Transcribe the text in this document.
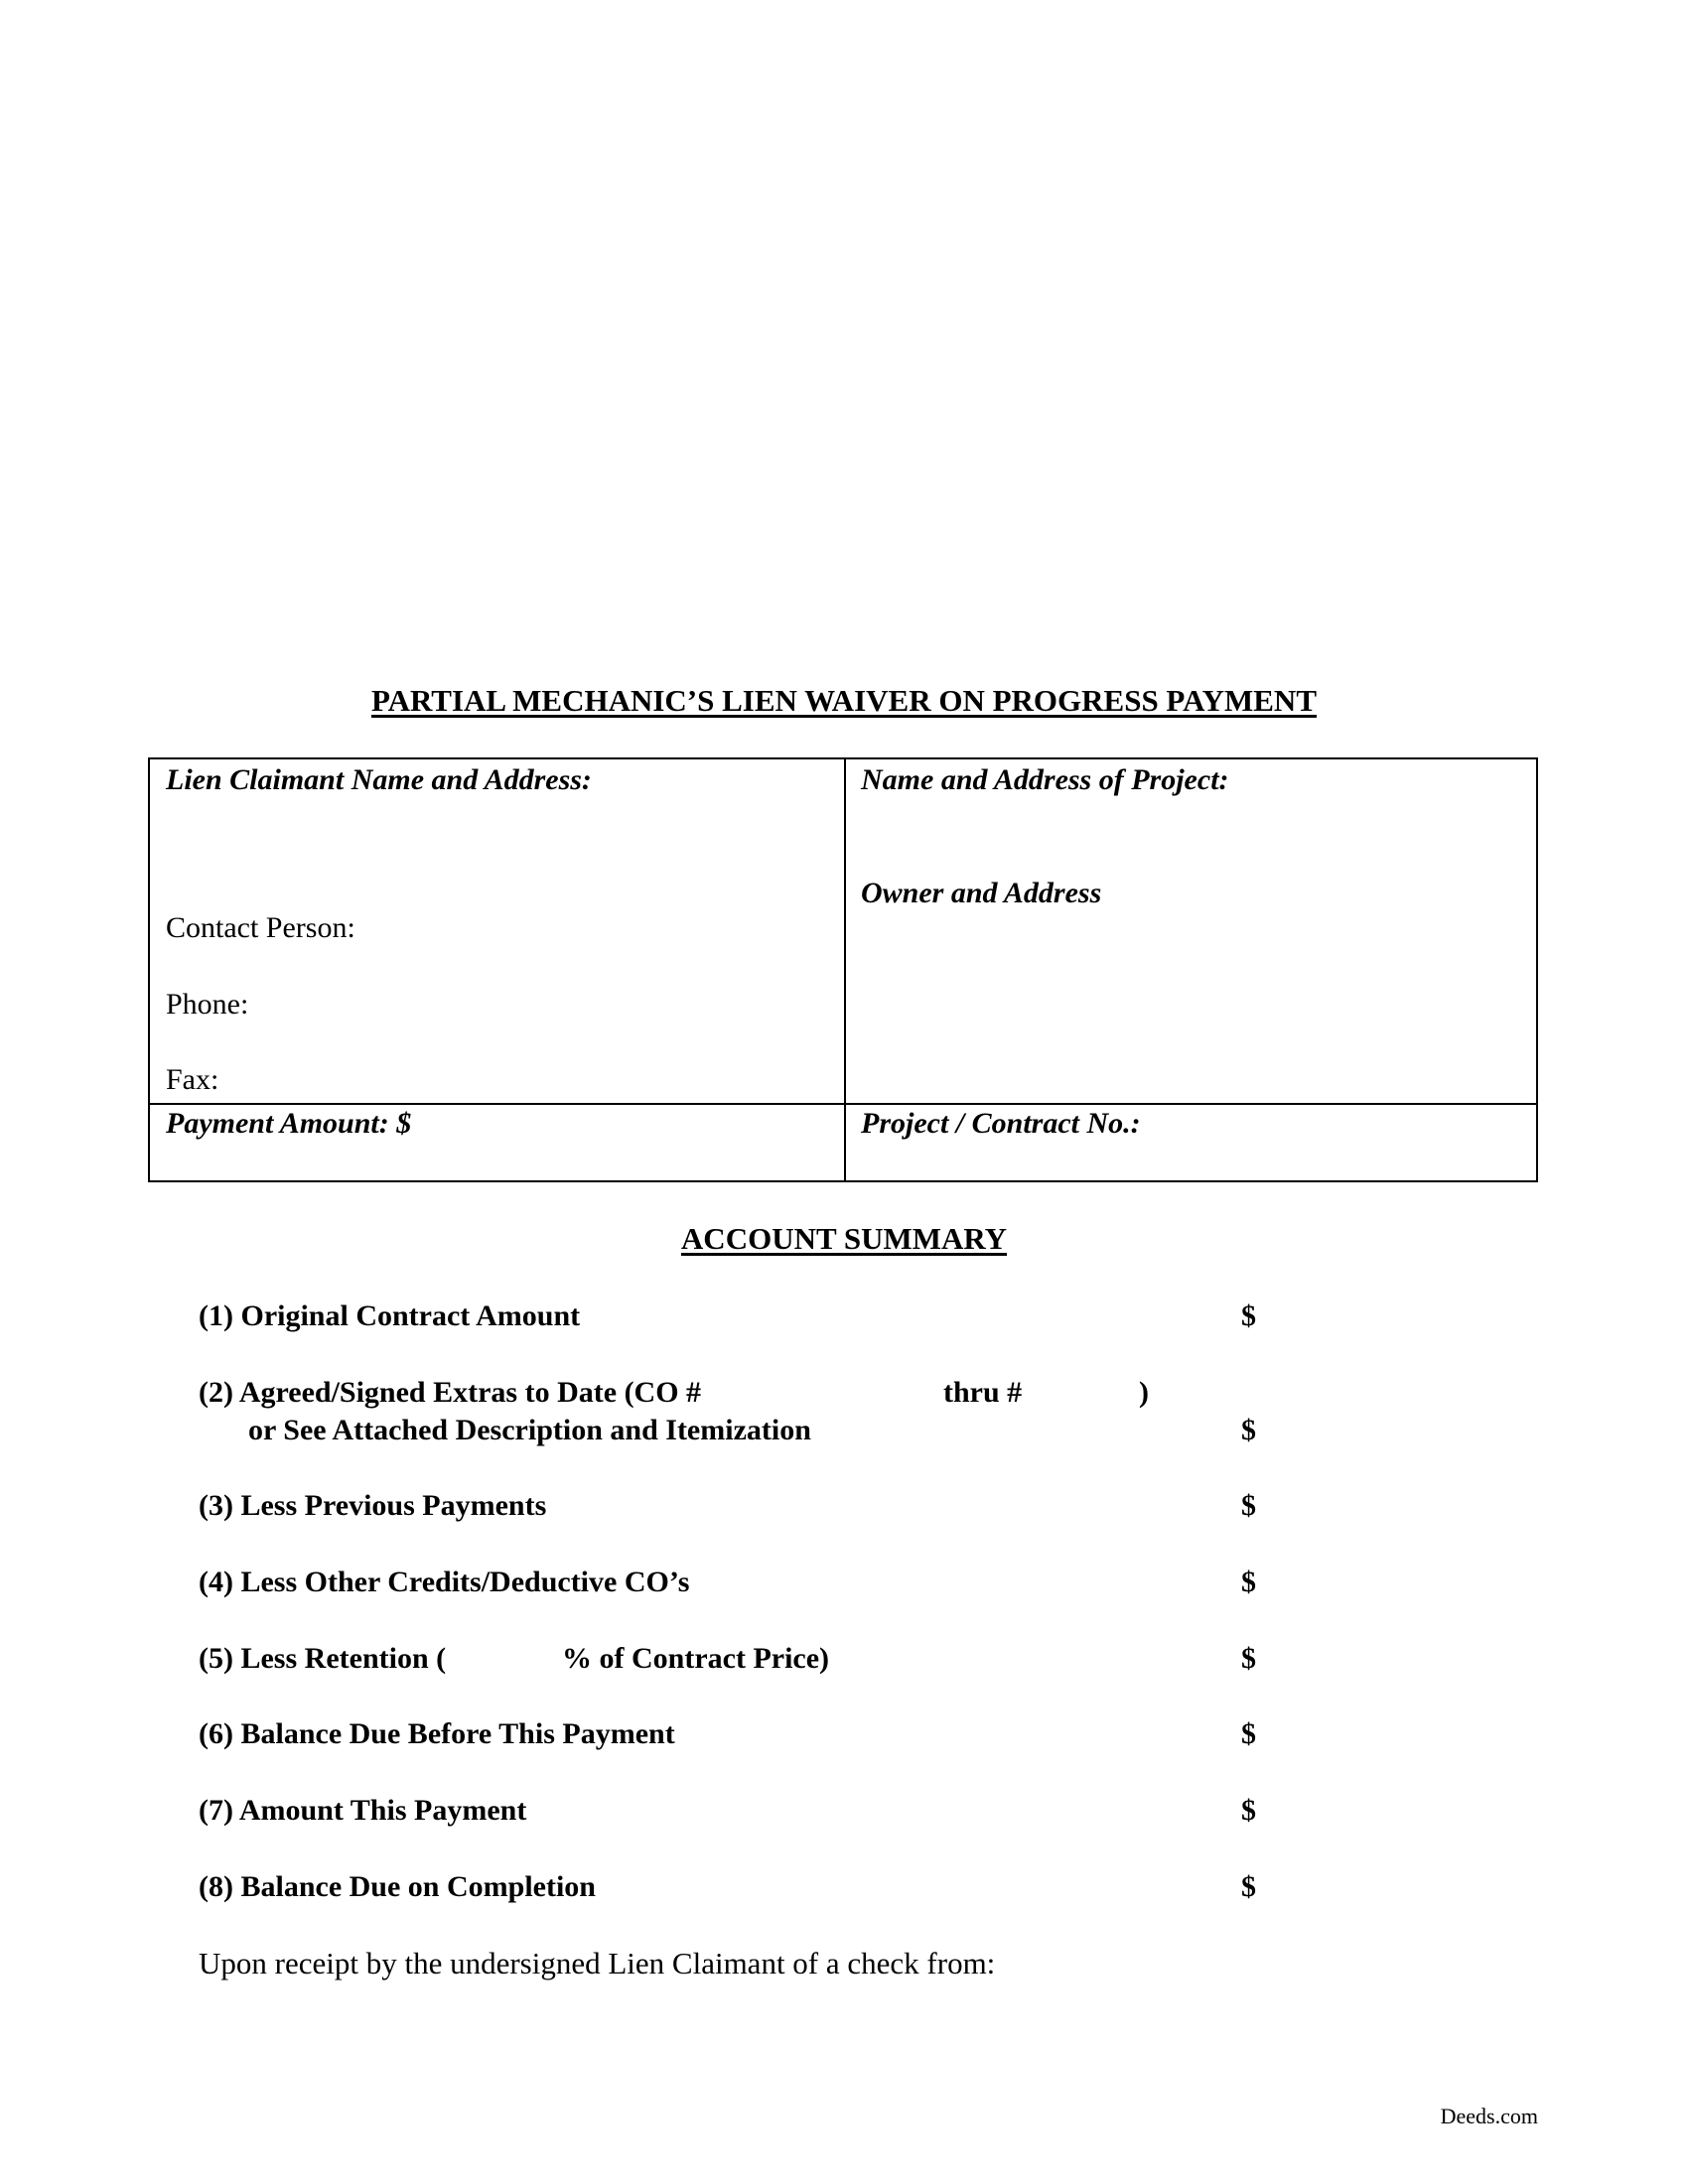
PARTIAL MECHANIC’S LIEN WAIVER ON PROGRESS PAYMENT
Lien Claimant Name and Address:
Contact Person:
Phone:
Fax:
Name and Address of Project:
Owner and Address
Payment Amount: $	Project / Contract No.:
ACCOUNT SUMMARY
(1) Original Contract Amount	$
(2) Agreed/Signed Extras to Date (CO #	thru #	)
or See Attached Description and Itemization	$
(3) Less Previous Payments	$
(4) Less Other Credits/Deductive CO’s	$
(5) Less Retention (	% of Contract Price)	$
(6) Balance Due Before This Payment	$
(7) Amount This Payment	$
(8) Balance Due on Completion	$
Upon receipt by the undersigned Lien Claimant of a check from:
Deeds.com
